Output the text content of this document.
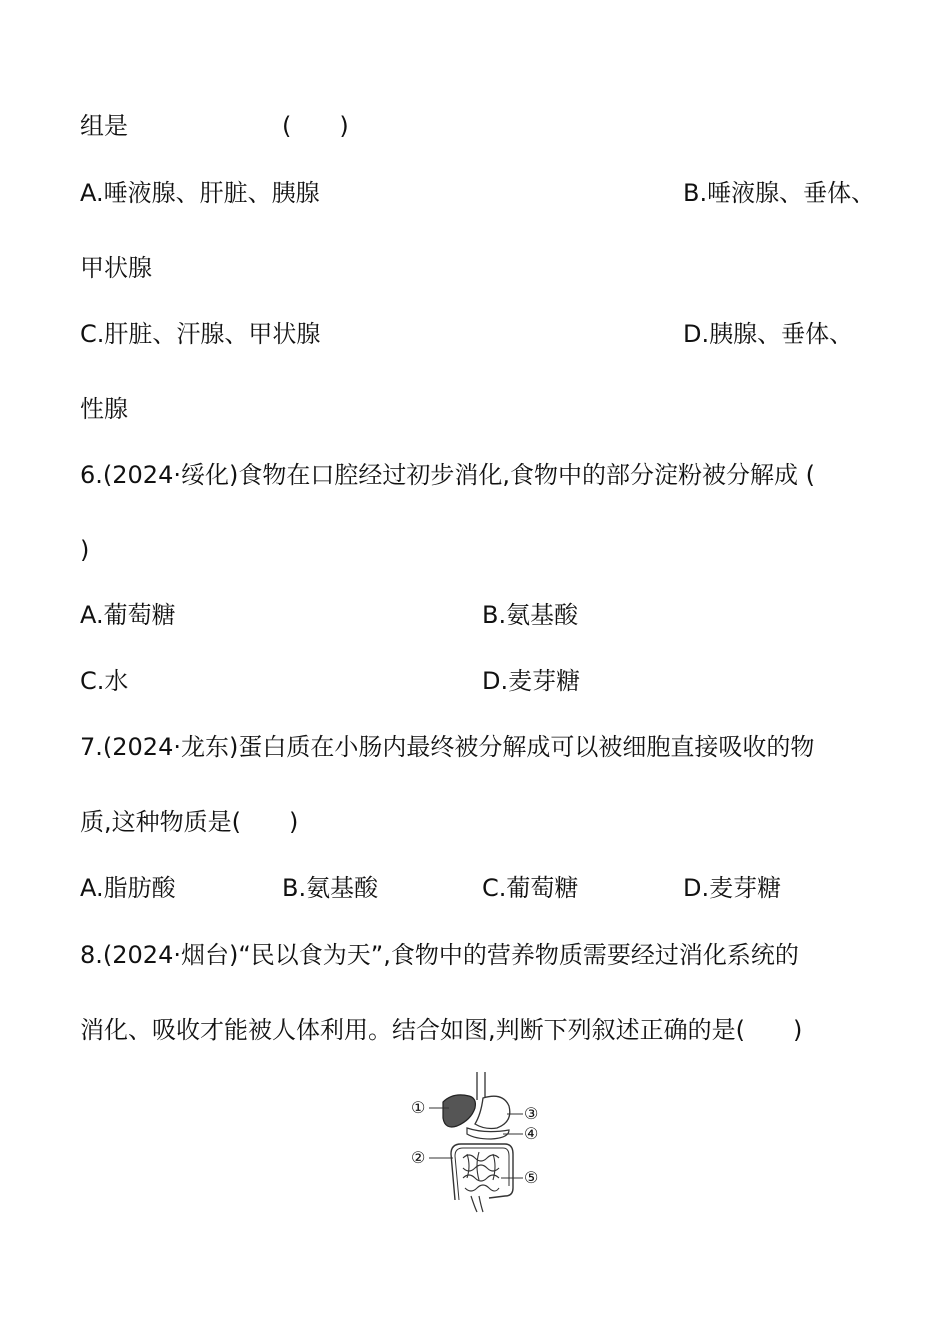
组是	(　　)
A.唾液腺、肝脏、胰腺	B.唾液腺、垂体、
甲状腺
C.肝脏、汗腺、甲状腺	D.胰腺、垂体、
性腺
6.(2024·绥化)食物在口腔经过初步消化,食物中的部分淀粉被分解成 (
)
A.葡萄糖	B.氨基酸
C.水	D.麦芽糖
7.(2024·龙东)蛋白质在小肠内最终被分解成可以被细胞直接吸收的物
质,这种物质是(　　)
A.脂肪酸	B.氨基酸	C.葡萄糖	D.麦芽糖
8.(2024·烟台)“民以食为天”,食物中的营养物质需要经过消化系统的
消化、吸收才能被人体利用。结合如图,判断下列叙述正确的是(　　)
①
②
③
④
⑤
